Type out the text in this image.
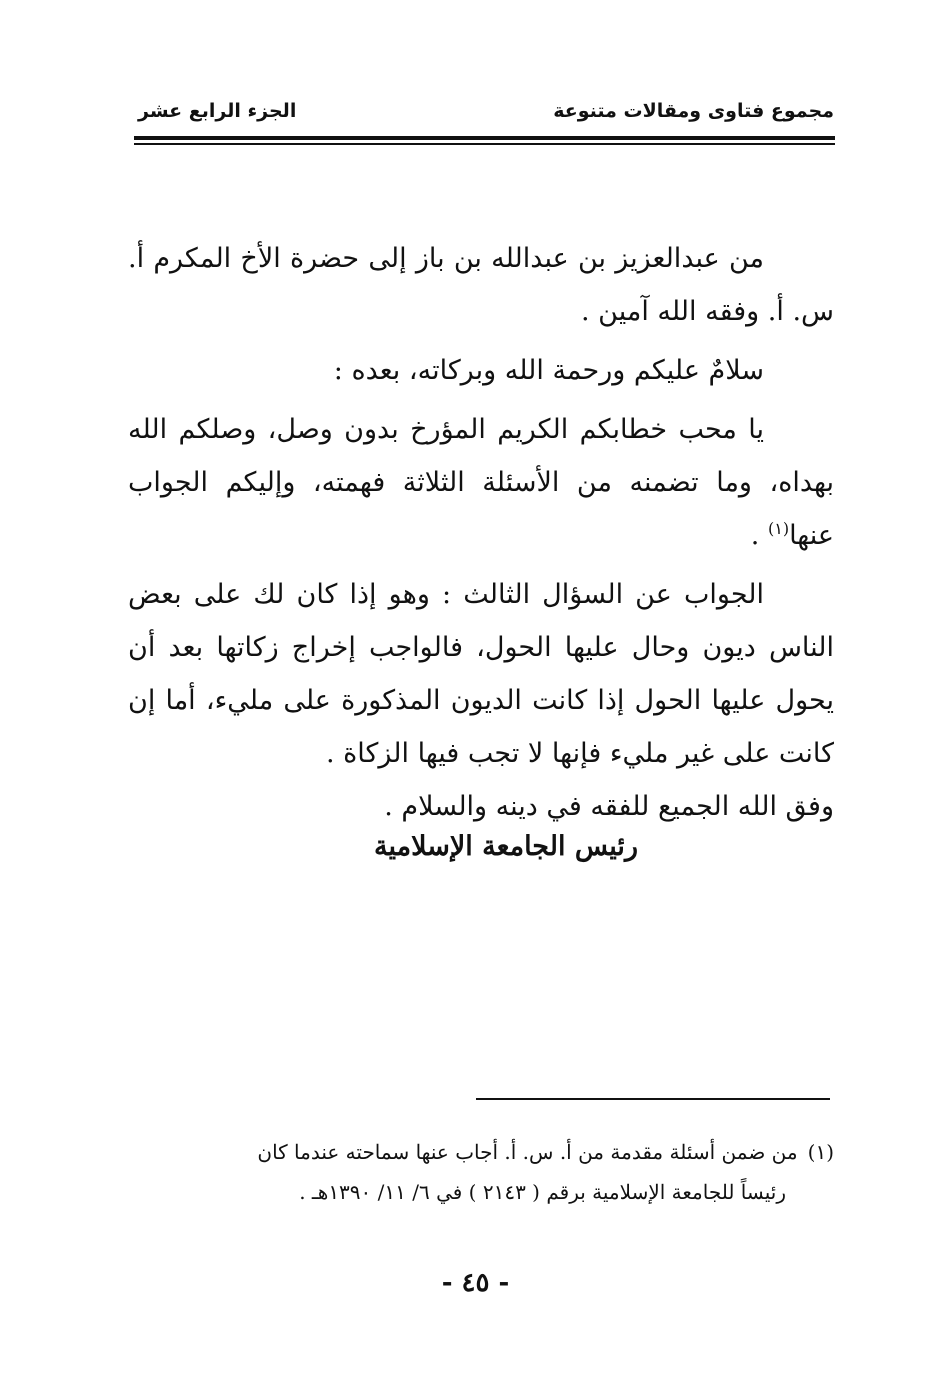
مجموع فتاوى ومقالات متنوعة
الجزء الرابع عشر

من عبدالعزيز بن عبدالله بن باز إلى حضرة الأخ المكرم أ. س. أ. وفقه الله آمين .

سلامٌ عليكم ورحمة الله وبركاته، بعده :

يا محب خطابكم الكريم المؤرخ بدون وصل، وصلكم الله بهداه، وما تضمنه من الأسئلة الثلاثة فهمته، وإليكم الجواب عنها$^{(١)}$ .

الجواب عن السؤال الثالث : وهو إذا كان لك على بعض الناس ديون وحال عليها الحول، فالواجب إخراج زكاتها بعد أن يحول عليها الحول إذا كانت الديون المذكورة على مليء، أما إن كانت على غير مليء فإنها لا تجب فيها الزكاة .

وفق الله الجميع للفقه في دينه والسلام .

رئيس الجامعة الإسلامية
(١)من ضمن أسئلة مقدمة من أ. س. أ. أجاب عنها سماحته عندما كان
رئيساً للجامعة الإسلامية برقم ( ٢١٤٣ ) في ٦/ ١١/ ١٣٩٠هـ .
- ٤٥ -
